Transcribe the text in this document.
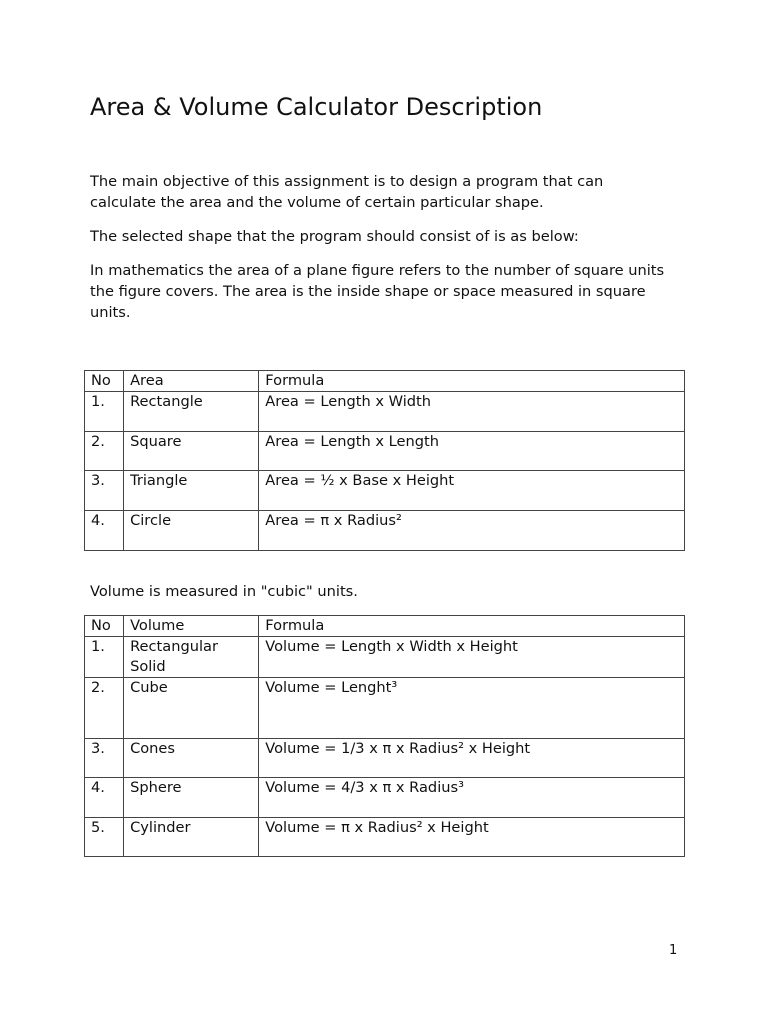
Area & Volume Calculator Description

The main objective of this assignment is to design a program that can calculate the area and the volume of certain particular shape.

The selected shape that the program should consist of is as below:

In mathematics the area of a plane figure refers to the number of square units the figure covers. The area is the inside shape or space measured in square units.

No	Area	Formula
1.	Rectangle	Area = Length x Width
2.	Square	Area = Length x Length
3.	Triangle	Area = ½ x Base x Height
4.	Circle	Area = π x Radius²

Volume is measured in "cubic" units.

No	Volume	Formula
1.	Rectangular Solid	Volume = Length x Width x Height
2.	Cube	Volume = Lenght³
3.	Cones	Volume = 1/3 x π x Radius² x Height
4.	Sphere	Volume = 4/3 x π x Radius³
5.	Cylinder	Volume = π x Radius² x Height
1
